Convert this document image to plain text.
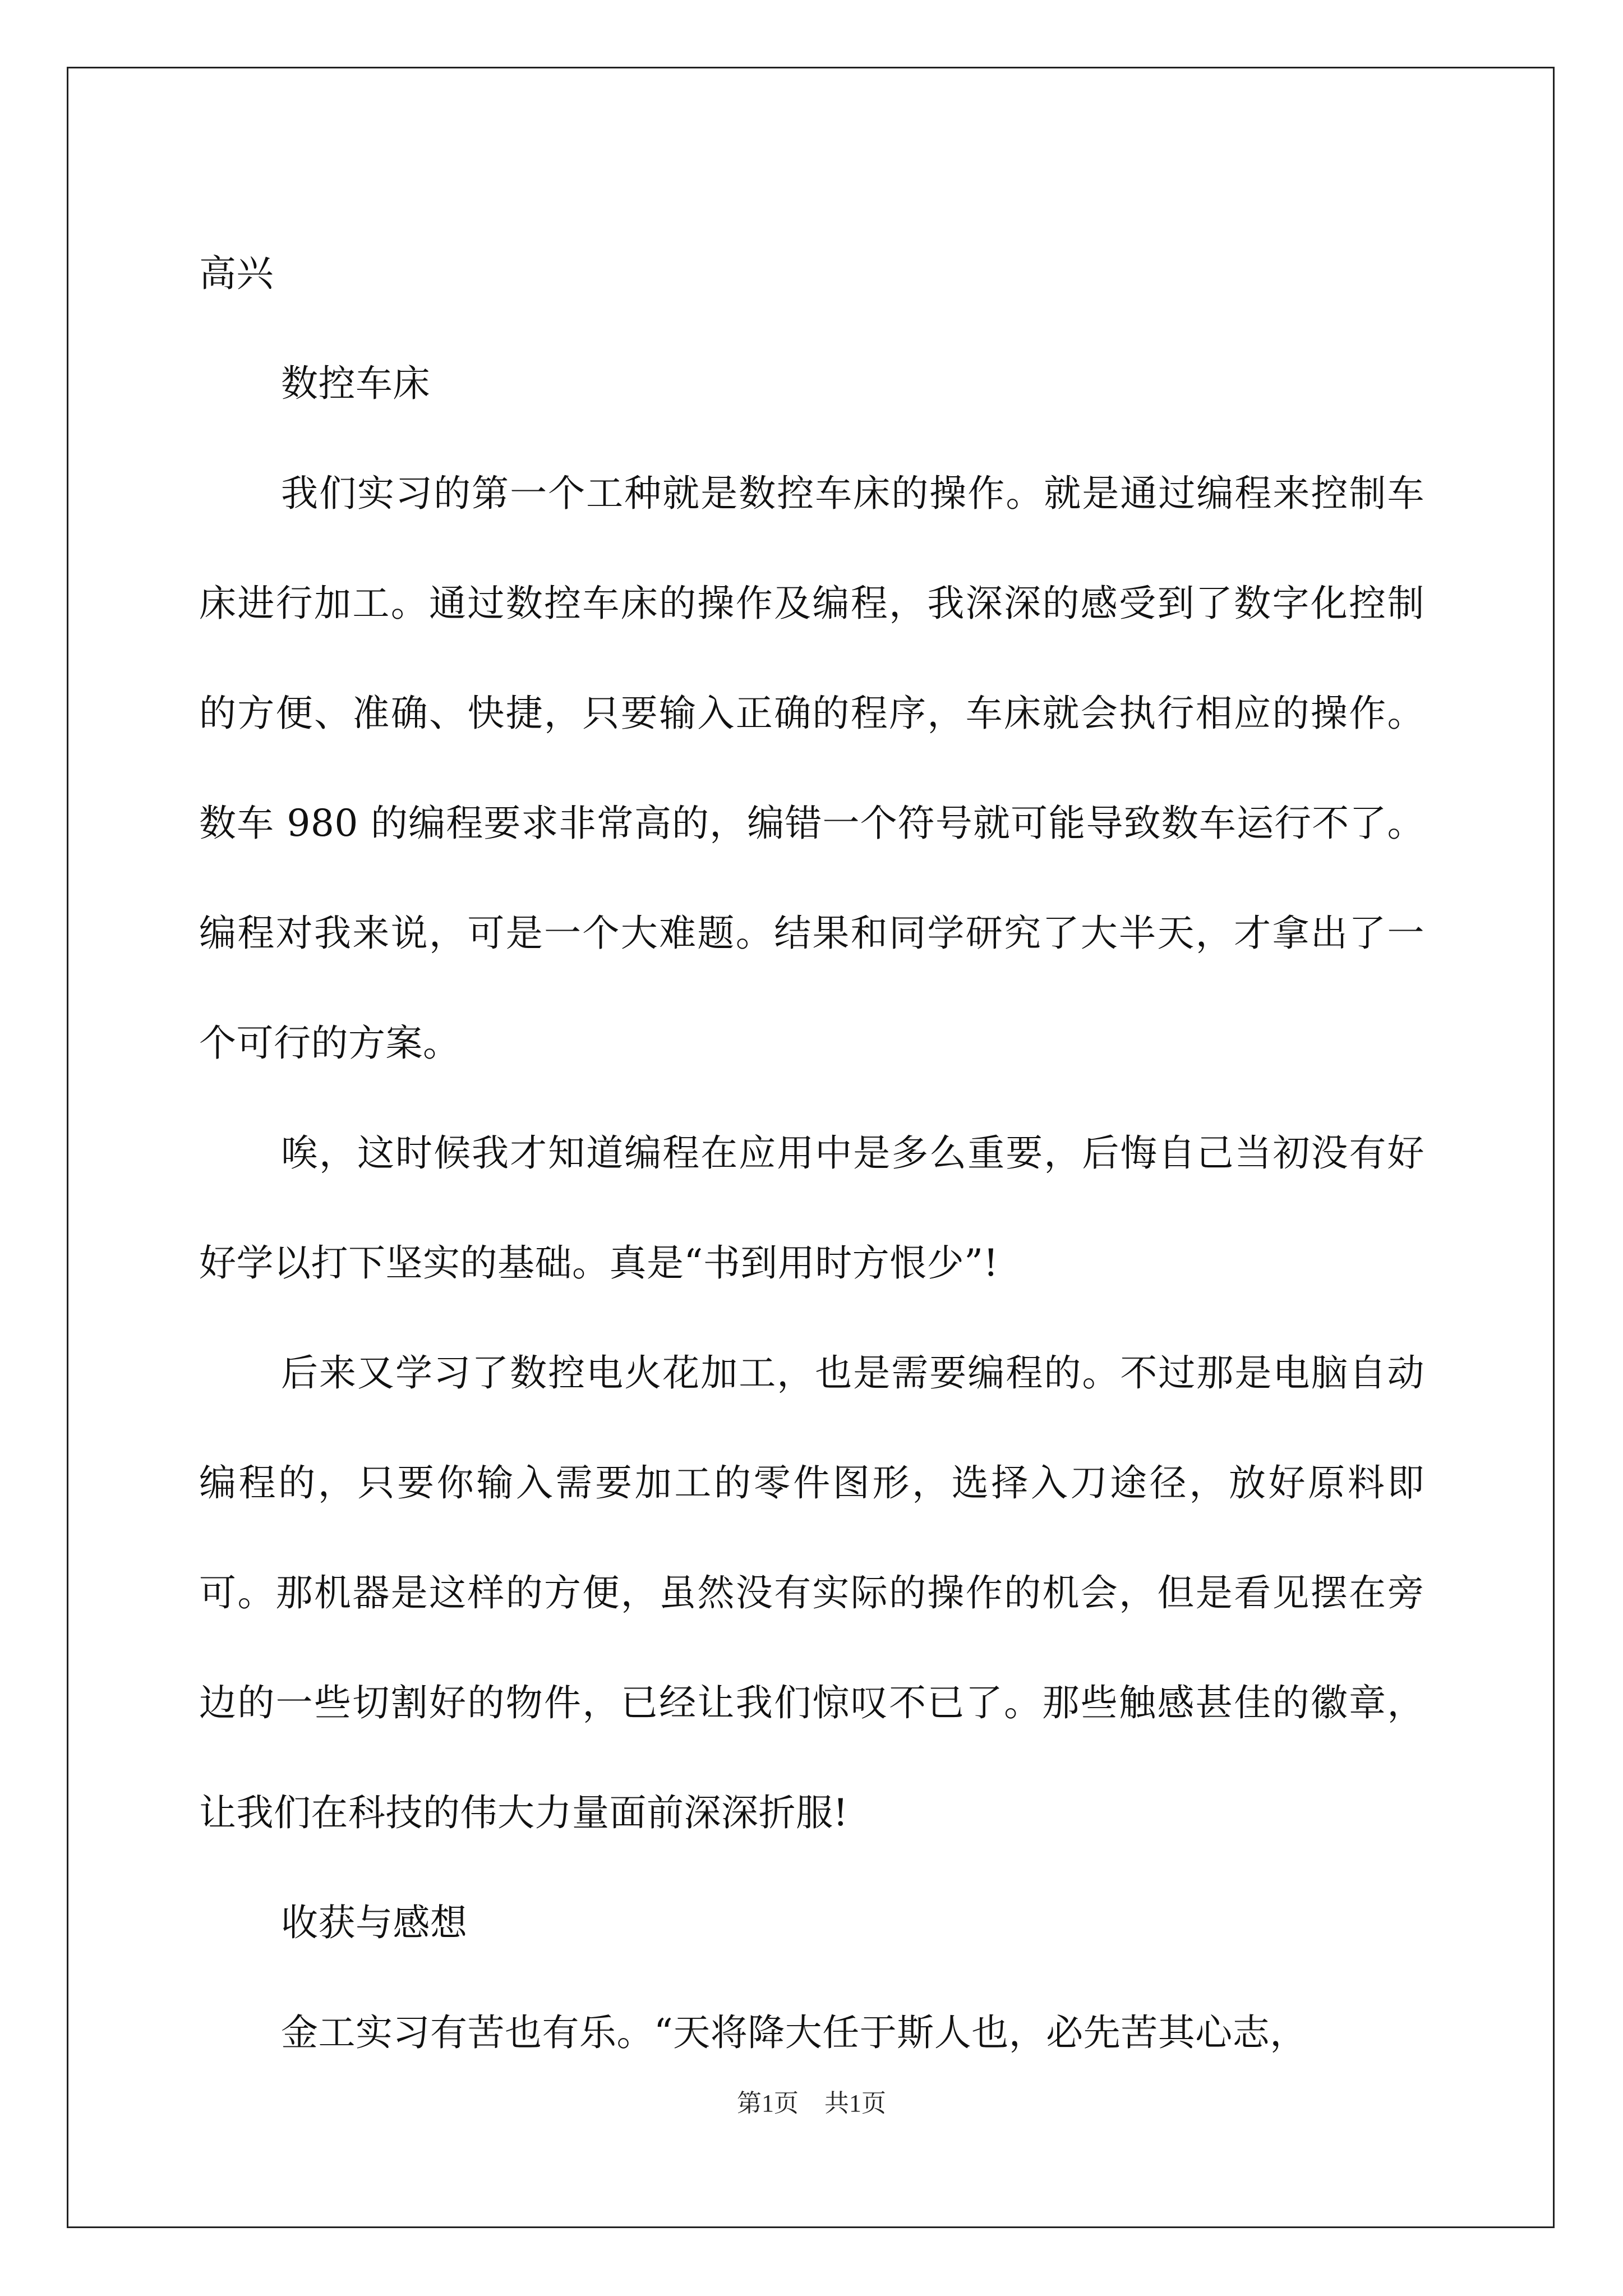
高兴

数控车床

我们实习的第一个工种就是数控车床的操作。就是通过编程来控制车床进行加工。通过数控车床的操作及编程，我深深的感受到了数字化控制的方便、准确、快捷，只要输入正确的程序，车床就会执行相应的操作。数车 980 的编程要求非常高的，编错一个符号就可能导致数车运行不了。编程对我来说，可是一个大难题。结果和同学研究了大半天，才拿出了一个可行的方案。

唉，这时候我才知道编程在应用中是多么重要，后悔自己当初没有好好学以打下坚实的基础。真是“书到用时方恨少”!

后来又学习了数控电火花加工，也是需要编程的。不过那是电脑自动编程的，只要你输入需要加工的零件图形，选择入刀途径，放好原料即可。那机器是这样的方便，虽然没有实际的操作的机会，但是看见摆在旁边的一些切割好的物件，已经让我们惊叹不已了。那些触感甚佳的徽章，让我们在科技的伟大力量面前深深折服!

收获与感想

金工实习有苦也有乐。“天将降大任于斯人也，必先苦其心志，

第1页 共1页
